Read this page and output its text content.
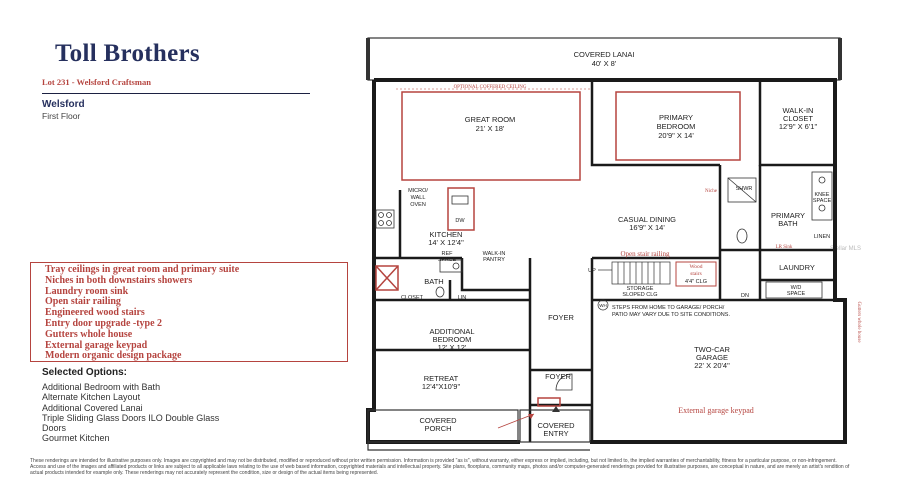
Toll Brothers
Lot 231 - Welsford Craftsman
Welsford
First Floor
Tray ceilings in great room and primary suite
Niches in both downstairs showers
Laundry room sink
Open stair railing
Engineered wood stairs
Entry door upgrade -type 2
Gutters whole house
External garage keypad
Modern organic design package
Selected Options:
Additional Bedroom with Bath
Alternate Kitchen Layout
Additional Covered Lanai
Triple Sliding Glass Doors ILO Double Glass
Doors
Gourmet Kitchen
These renderings are intended for illustrative purposes only. Images are copyrighted and may not be distributed, modified or reproduced without prior written permission. Information is provided "as is", without warranty, either express or implied, including, but not limited to, the implied warranties of merchantability, fitness for a particular purpose, or non-infringement. Access and use of the images and affiliated products or links are subject to all applicable laws relating to the use of web based information, copyrighted materials and intellectual property. Site plans, floorplans, community maps, photos and/or computer-generated renderings provided for illustrative purposes, are conceptual in nature, and are merely an artist's rendition of actual products intended for example only. These renderings may not accurately represent the condition, size or design of the actual items being represented.
Stellar MLS
COVERED LANAI
40' X 8'
OPTIONAL COFFERED CEILING
GREAT ROOM
21' X 18'
PRIMARY
BEDROOM
20'9" X 14'
WALK-IN
CLOSET
12'9" X 6'1"
MICRO/
WALL
OVEN
DW
KITCHEN
14' X 12'4"
CASUAL DINING
16'9" X 14'
Niche	SHWR
KNEE
SPACE
PRIMARY
BATH
LINEN
REF
SPACE
WALK-IN
PANTRY
LR Sink
Open stair railing
UP
Wood
stairs
4'4" CLG
STORAGE
SLOPED CLG
LAUNDRY
W/D
SPACE
BATH
CLOSET	LIN
FOYER
DN
WH STEPS FROM HOME TO GARAGE/ PORCH/
PATIO MAY VARY DUE TO SITE CONDITIONS.	Gutters whole house
ADDITIONAL
BEDROOM
12' X 12'	TWO-CAR
GARAGE
22' X 20'4"
RETREAT
12'4"X10'9"
FOYER
External garage keypad
COVERED
PORCH	COVERED
ENTRY
